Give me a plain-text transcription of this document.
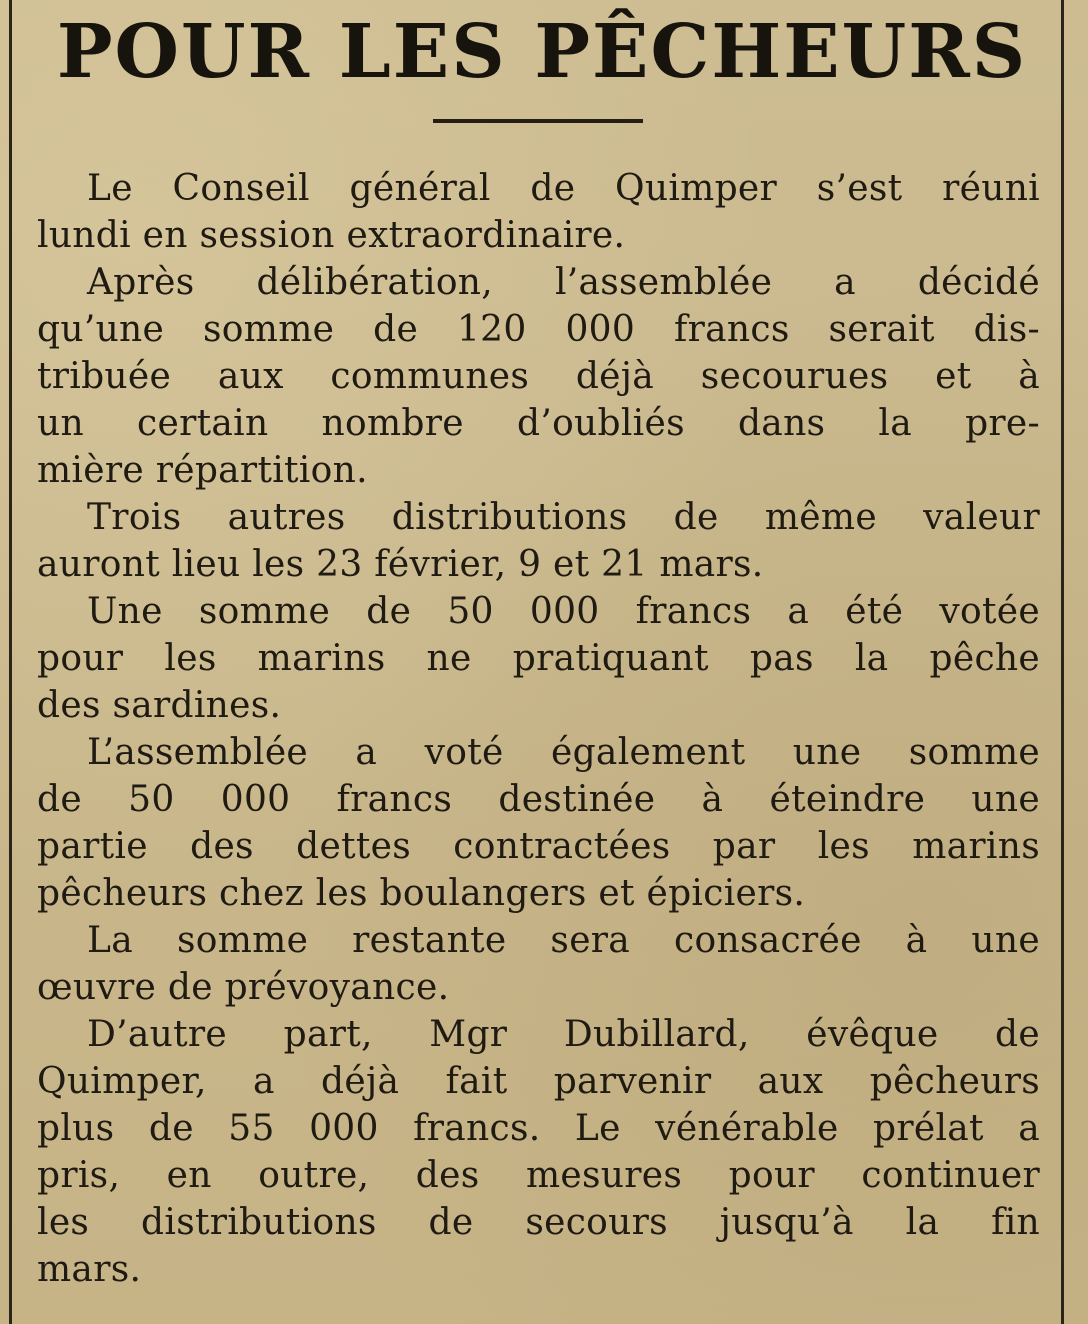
POUR LES PÊCHEURS
Le Conseil général de Quimper s’est réuni
lundi en session extraordinaire.
Après délibération, l’assemblée a décidé
qu’une somme de 120 000 francs serait dis-
tribuée aux communes déjà secourues et à
un certain nombre d’oubliés dans la pre-
mière répartition.
Trois autres distributions de même valeur
auront lieu les 23 février, 9 et 21 mars.
Une somme de 50 000 francs a été votée
pour les marins ne pratiquant pas la pêche
des sardines.
L’assemblée a voté également une somme
de 50 000 francs destinée à éteindre une
partie des dettes contractées par les marins
pêcheurs chez les boulangers et épiciers.
La somme restante sera consacrée à une
œuvre de prévoyance.
D’autre part, Mgr Dubillard, évêque de
Quimper, a déjà fait parvenir aux pêcheurs
plus de 55 000 francs. Le vénérable prélat a
pris, en outre, des mesures pour continuer
les distributions de secours jusqu’à la fin
mars.
